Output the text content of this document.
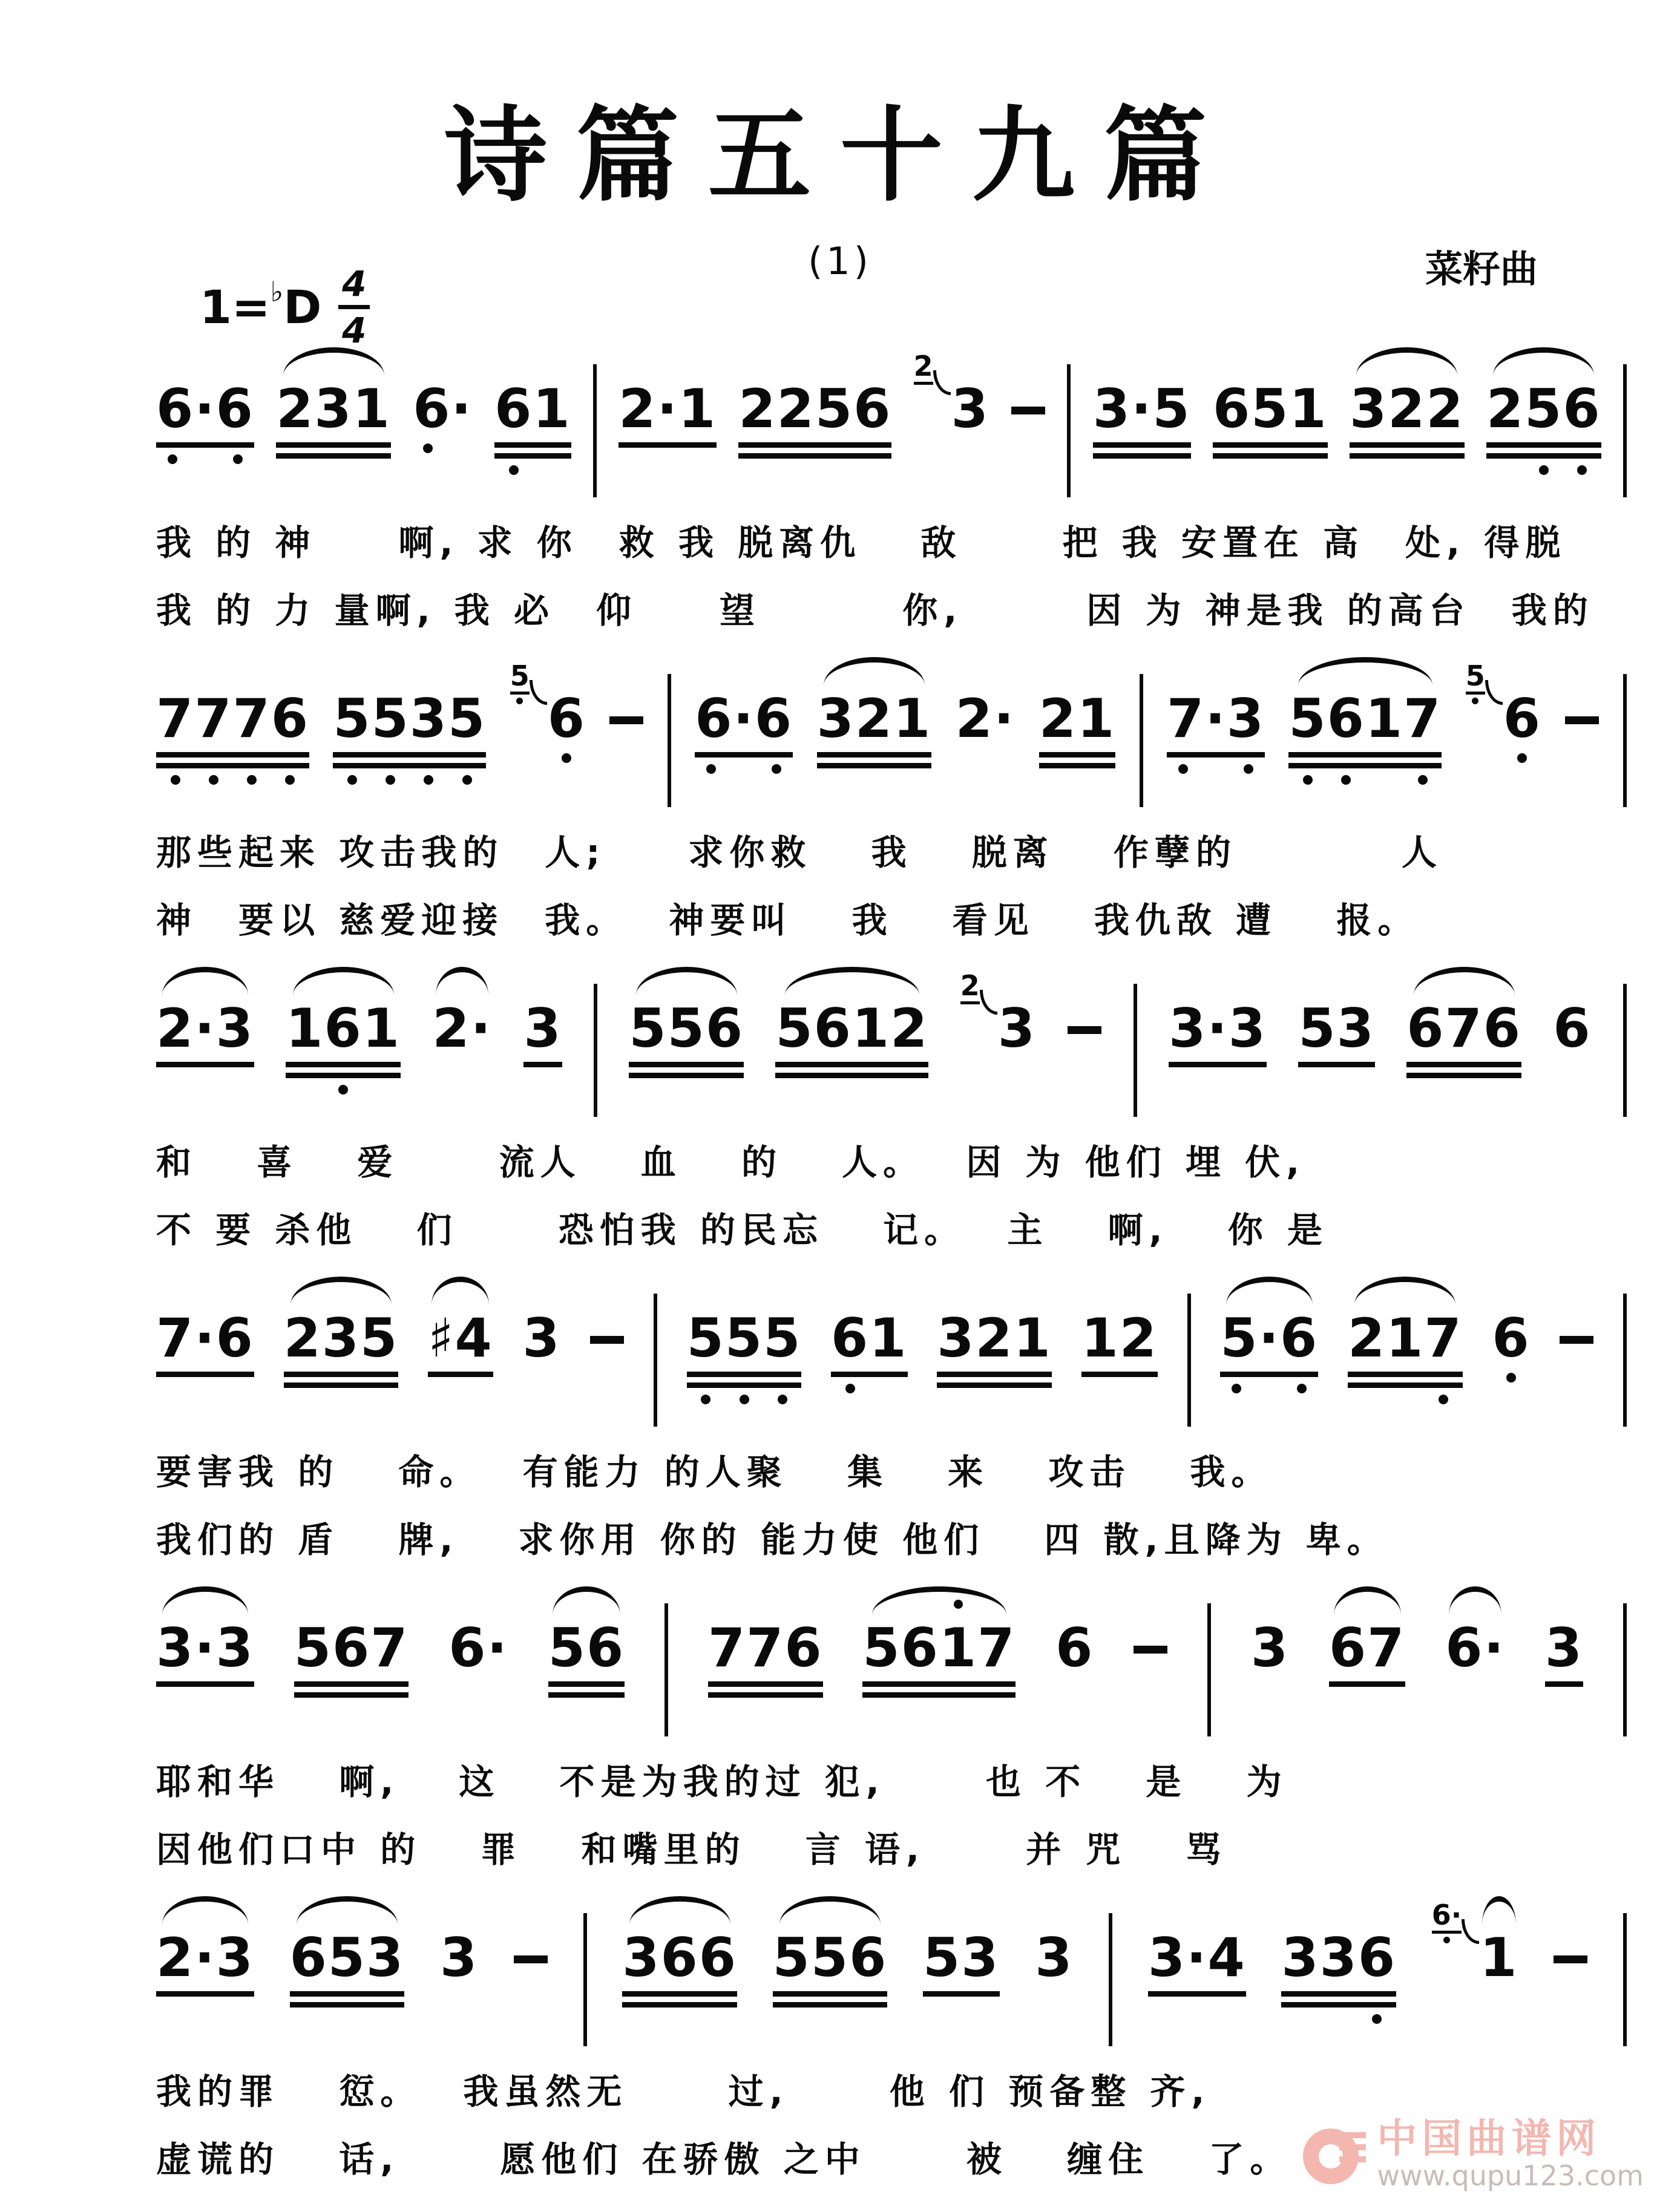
诗篇五十九篇
(1)	菜籽曲
1=♭ D 4
4
6·6 231 6· 61 2·1 2256
2
3 3·5 651 322 256
我 的 神　　啊, 求 你　救 我 脱离仇　 敌　　 把 我 安置在 高　处, 得脱
我 的 力 量啊, 我 必　仰　　望　　　 你,　　　因 为 神是我 的高台　我的
7776 5535
5
6 6·6 321 2· 21 7·3 5617
5
6
那些起来 攻击我的　人;　　求你救　 我　 脱离　 作孽的　　　　人
神　要以 慈爱迎接　我。　 神要叫　 我　 看见　 我仇敌 遭　 报。
2·3 161 2· 3 556 5612
2
3 3·3 53 676 6
和　 喜　 爱　　 流人　 血　 的　 人。　 因 为 他们 埋 伏,
不 要 杀他　 们　　 恐怕我 的民忘　 记。　 主　 啊,　 你 是
7·6 235 ♯4 3 555 61 321 12 5·6 217 6
要害我 的　 命。　 有能力 的人聚　 集　 来　 攻击　 我。
我们的 盾　 牌,　 求你用 你的 能力使 他们　 四 散,且降为 卑。
3·3 567 6· 56 776 5617 6	3 67 6· 3
耶和华　 啊,　 这　 不是为我的过 犯,　　 也 不　 是　 为
因他们口中 的　 罪　 和嘴里的　 言 语,　　 并 咒　 骂
2·3 653 3	366 556 53 3 3·4 336
6·
1
我的罪　 愆。　 我虽然无　　 过,　　 他 们 预备整 齐,
虚谎的　 话,　　 愿他们 在骄傲 之中　　 被　 缠住　 了。	中国曲谱网
www.qupu123.com
